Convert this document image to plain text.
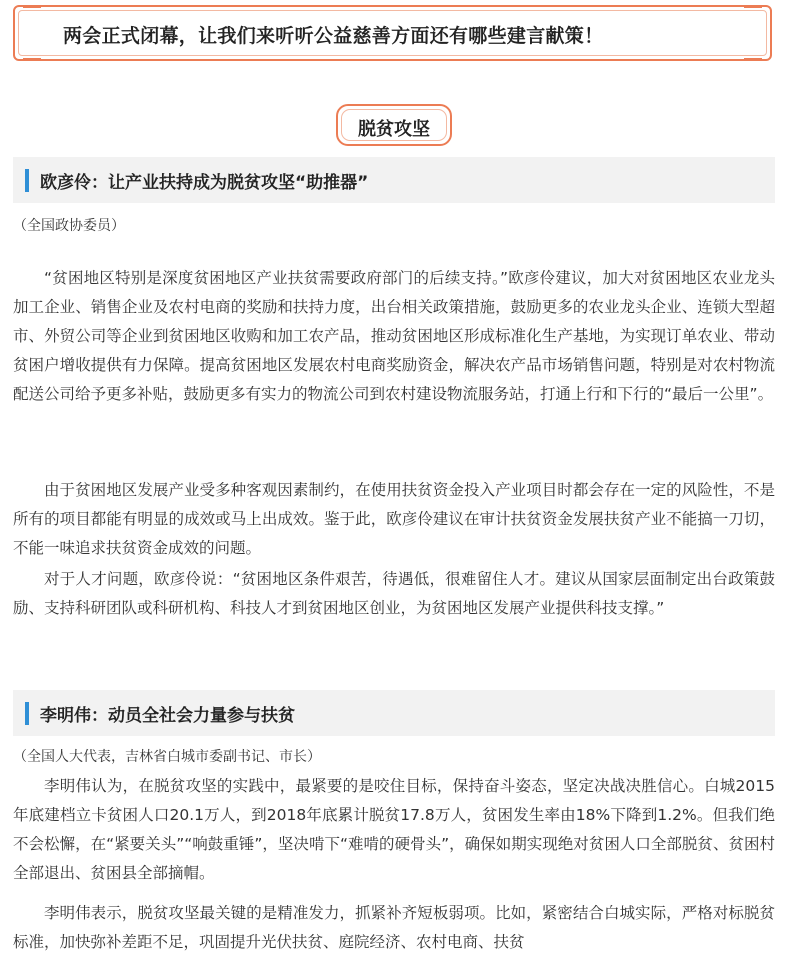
两会正式闭幕，让我们来听听公益慈善方面还有哪些建言献策！
脱贫攻坚
欧彦伶：让产业扶持成为脱贫攻坚“助推器”
（全国政协委员）

“贫困地区特别是深度贫困地区产业扶贫需要政府部门的后续支持。”欧彦伶建议，加大对贫困地区农业龙头加工企业、销售企业及农村电商的奖励和扶持力度，出台相关政策措施，鼓励更多的农业龙头企业、连锁大型超市、外贸公司等企业到贫困地区收购和加工农产品，推动贫困地区形成标准化生产基地，为实现订单农业、带动贫困户增收提供有力保障。提高贫困地区发展农村电商奖励资金，解决农产品市场销售问题，特别是对农村物流配送公司给予更多补贴，鼓励更多有实力的物流公司到农村建设物流服务站，打通上行和下行的“最后一公里”。

由于贫困地区发展产业受多种客观因素制约，在使用扶贫资金投入产业项目时都会存在一定的风险性，不是所有的项目都能有明显的成效或马上出成效。鉴于此，欧彦伶建议在审计扶贫资金发展扶贫产业不能搞一刀切，不能一味追求扶贫资金成效的问题。

对于人才问题，欧彦伶说：“贫困地区条件艰苦，待遇低，很难留住人才。建议从国家层面制定出台政策鼓励、支持科研团队或科研机构、科技人才到贫困地区创业，为贫困地区发展产业提供科技支撑。”

李明伟：动员全社会力量参与扶贫
（全国人大代表，吉林省白城市委副书记、市长）

李明伟认为，在脱贫攻坚的实践中，最紧要的是咬住目标，保持奋斗姿态，坚定决战决胜信心。白城2015年底建档立卡贫困人口20.1万人，到2018年底累计脱贫17.8万人，贫困发生率由18%下降到1.2%。但我们绝不会松懈，在“紧要关头”“响鼓重锤”，坚决啃下“难啃的硬骨头”，确保如期实现绝对贫困人口全部脱贫、贫困村全部退出、贫困县全部摘帽。

李明伟表示，脱贫攻坚最关键的是精准发力，抓紧补齐短板弱项。比如，紧密结合白城实际，严格对标脱贫标准，加快弥补差距不足，巩固提升光伏扶贫、庭院经济、农村电商、扶贫
